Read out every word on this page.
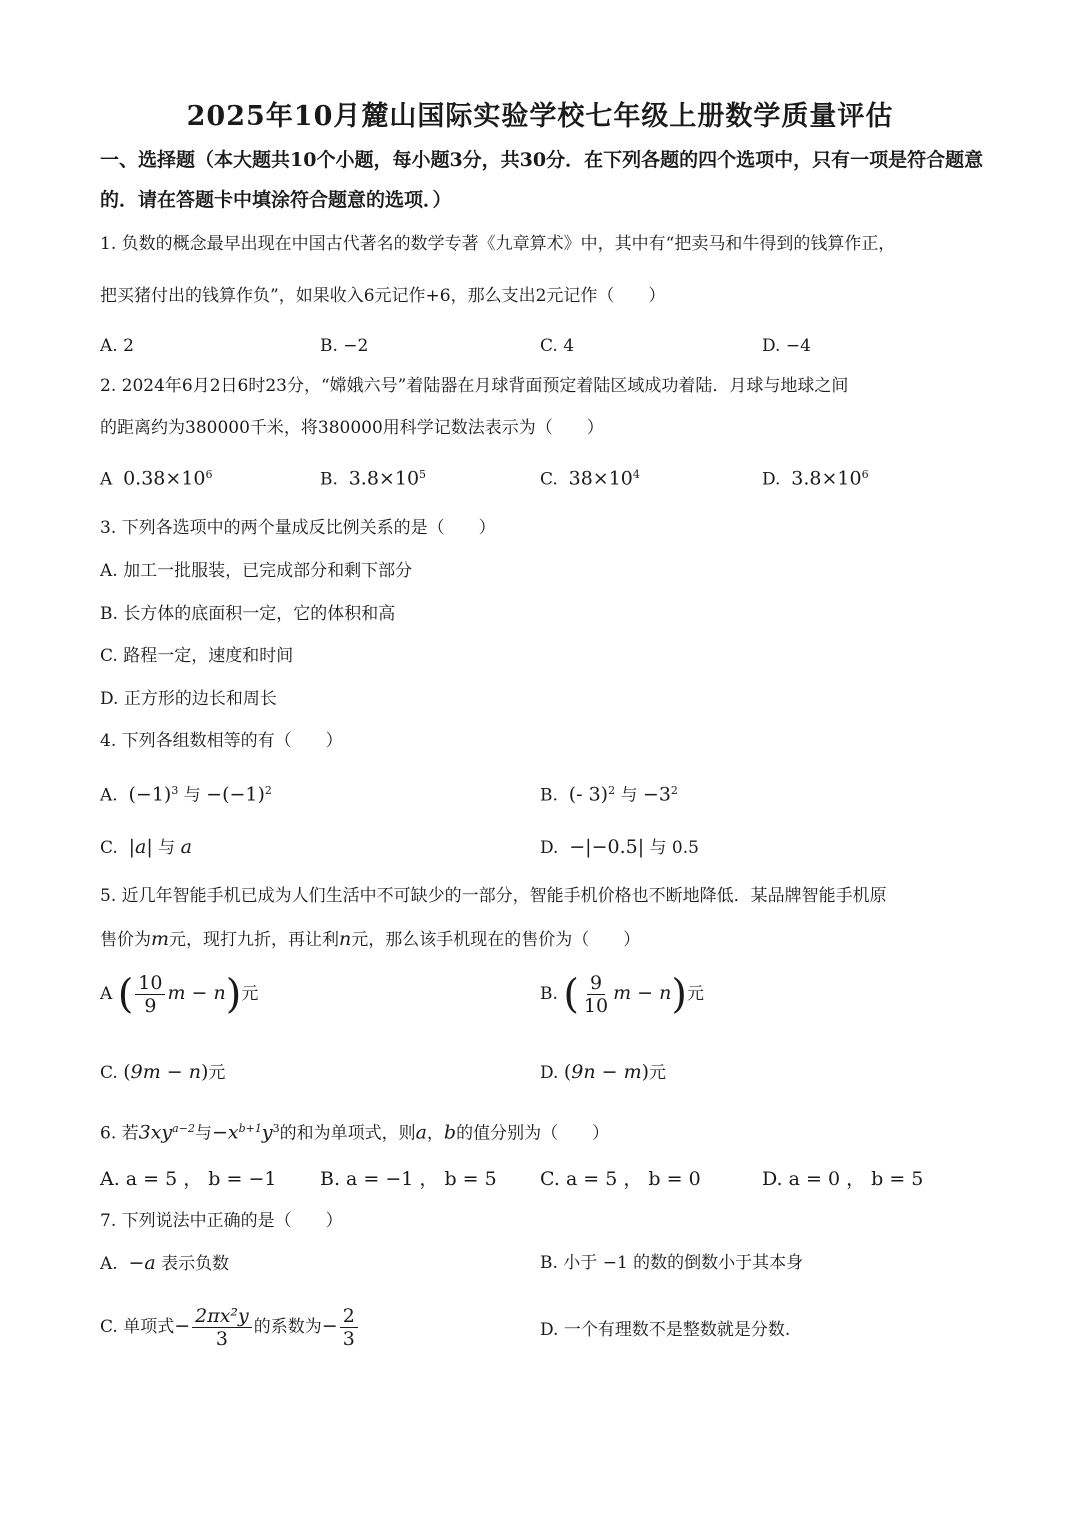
2025年10月麓山国际实验学校七年级上册数学质量评估
一、选择题（本大题共10个小题，每小题3分，共30分．在下列各题的四个选项中，只有一项是符合题意的．请在答题卡中填涂符合题意的选项．）
1. 负数的概念最早出现在中国古代著名的数学专著《九章算术》中，其中有“把卖马和牛得到的钱算作正，
把买猪付出的钱算作负”，如果收入6元记作+6，那么支出2元记作（　　）
A. 2	B. −2	C. 4	D. −4
2. 2024年6月2日6时23分，“嫦娥六号”着陆器在月球背面预定着陆区域成功着陆．月球与地球之间
的距离约为380000千米，将380000用科学记数法表示为（　　）
A $0.38\times 10^6$	B. $3.8\times 10^5$	C. $38\times 10^4$	D. $3.8\times 10^6$
3. 下列各选项中的两个量成反比例关系的是（　　）
A. 加工一批服装，已完成部分和剩下部分
B. 长方体的底面积一定，它的体积和高
C. 路程一定，速度和时间
D. 正方形的边长和周长
4. 下列各组数相等的有（　　）
A. $(-1)^3$ 与 $-(-1)^2$	B. (- 3)$^2$ 与 $-3^2$
C. |a| 与 a	D. −|−0.5| 与 0.5
5. 近几年智能手机已成为人们生活中不可缺少的一部分，智能手机价格也不断地降低．某品牌智能手机原
售价为m元，现打九折，再让利n元，那么该手机现在的售价为（　　）
A ( $\frac{10}{9}$ m − n)元	B. ( $\frac{9}{10}$ m − n)元
C. (9m − n)元	D. (9n − m)元
6. 若$3xy^{a-2}$与$-x^{b+1}y^3$的和为单项式，则a，b的值分别为（　　）
A. a = 5 ， b = −1 B. a = −1 ， b = 5 C. a = 5 ， b = 0	D. a = 0 ， b = 5
7. 下列说法中正确的是（　　）
A. −a 表示负数	B. 小于 −1 的数的倒数小于其本身
C. 单项式− $\frac{\text{2πx²y}}{3}$ 的系数为− $\frac{2}{3}$	D. 一个有理数不是整数就是分数.
